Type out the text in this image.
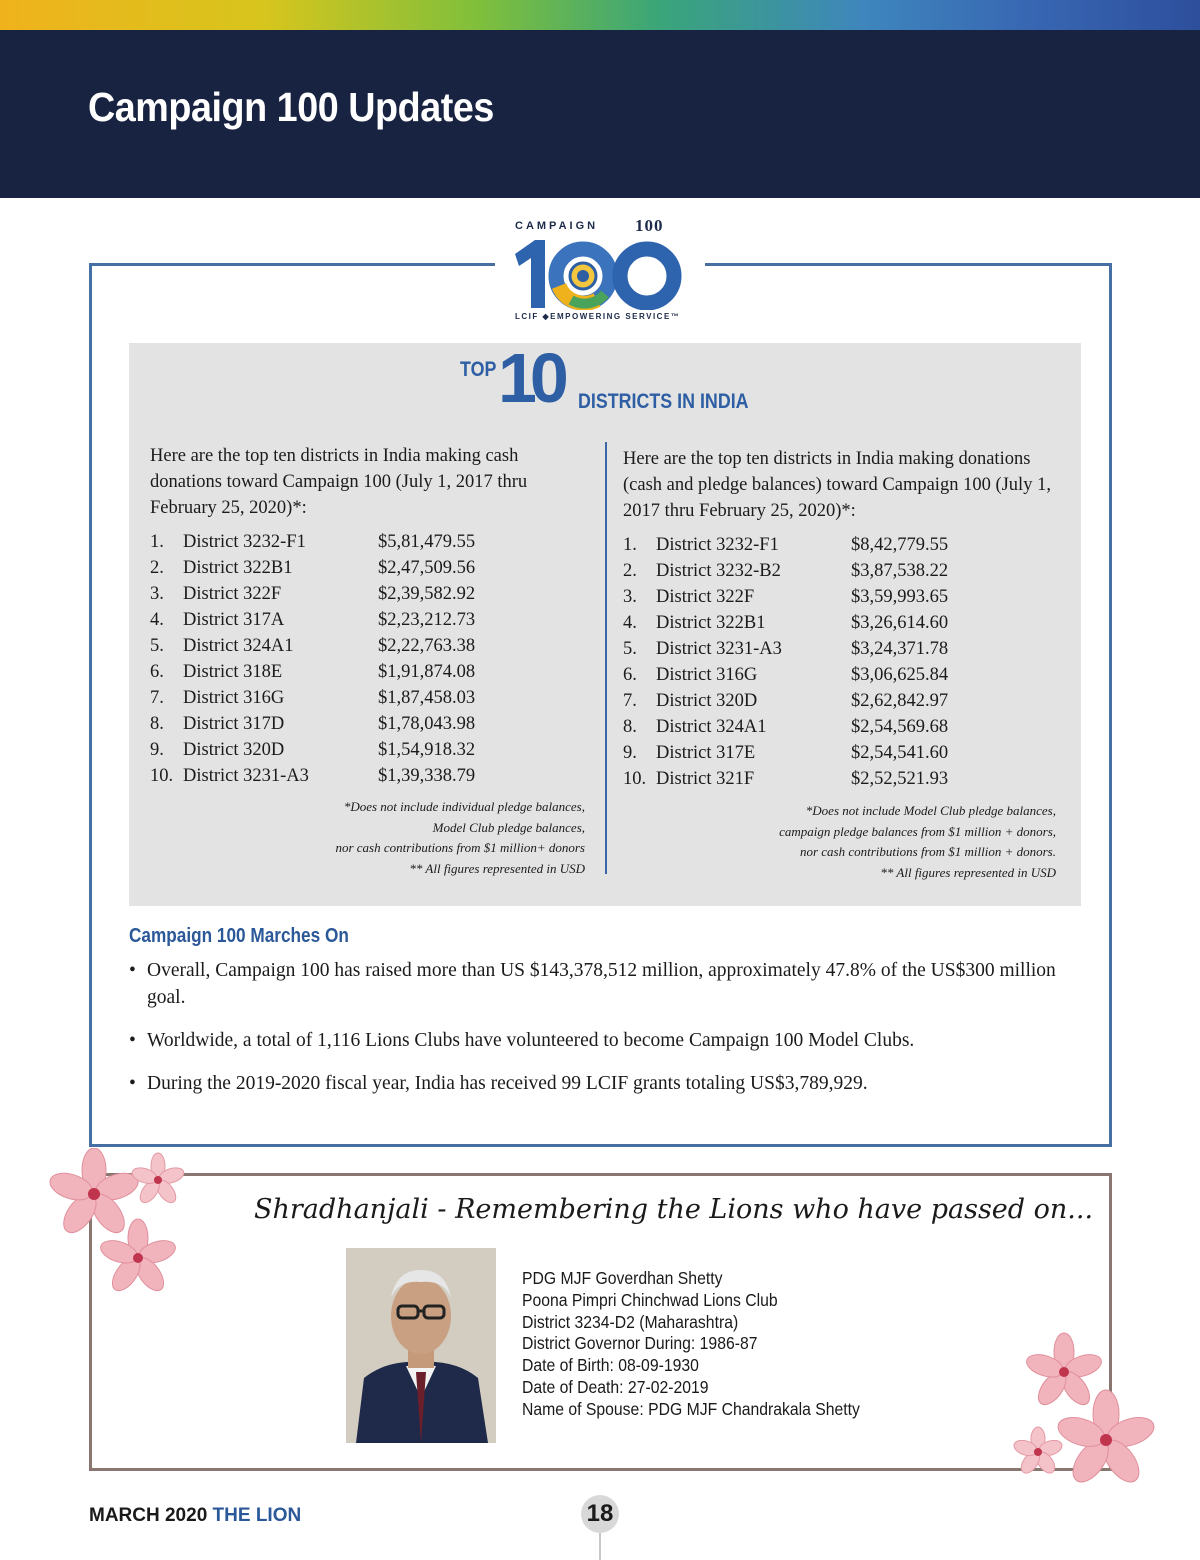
Campaign 100 Updates
CAMPAIGN 100
LCIF ◆EMPOWERING SERVICE™
TOP 10 DISTRICTS IN INDIA

Here are the top ten districts in India making cash donations toward Campaign 100 (July 1, 2017 thru February 25, 2020)*:

1. District 3232-F1	$5,81,479.55
2. District 322B1	$2,47,509.56
3. District 322F	$2,39,582.92
4. District 317A	$2,23,212.73
5. District 324A1	$2,22,763.38
6. District 318E	$1,91,874.08
7. District 316G	$1,87,458.03
8. District 317D	$1,78,043.98
9. District 320D	$1,54,918.32
10. District 3231-A3	$1,39,338.79
*Does not include individual pledge balances,
Model Club pledge balances,
nor cash contributions from $1 million+ donors
** All figures represented in USD

Here are the top ten districts in India making donations (cash and pledge balances) toward Campaign 100 (July 1, 2017 thru February 25, 2020)*:

1. District 3232-F1	$8,42,779.55
2. District 3232-B2	$3,87,538.22
3. District 322F	$3,59,993.65
4. District 322B1	$3,26,614.60
5. District 3231-A3	$3,24,371.78
6. District 316G	$3,06,625.84
7. District 320D	$2,62,842.97
8. District 324A1	$2,54,569.68
9. District 317E	$2,54,541.60
10. District 321F	$2,52,521.93
*Does not include Model Club pledge balances,
campaign pledge balances from $1 million + donors,
nor cash contributions from $1 million + donors.
** All figures represented in USD
Campaign 100 Marches On
• Overall, Campaign 100 has raised more than US $143,378,512 million, approximately 47.8% of the US$300 million goal.
• Worldwide, a total of 1,116 Lions Clubs have volunteered to become Campaign 100 Model Clubs.
• During the 2019-2020 fiscal year, India has received 99 LCIF grants totaling US$3,789,929.
Shradhanjali - Remembering the Lions who have passed on...
PDG MJF Goverdhan Shetty
Poona Pimpri Chinchwad Lions Club
District 3234-D2 (Maharashtra)
District Governor During: 1986-87
Date of Birth: 08-09-1930
Date of Death: 27-02-2019
Name of Spouse: PDG MJF Chandrakala Shetty
MARCH 2020 THE LION	18
